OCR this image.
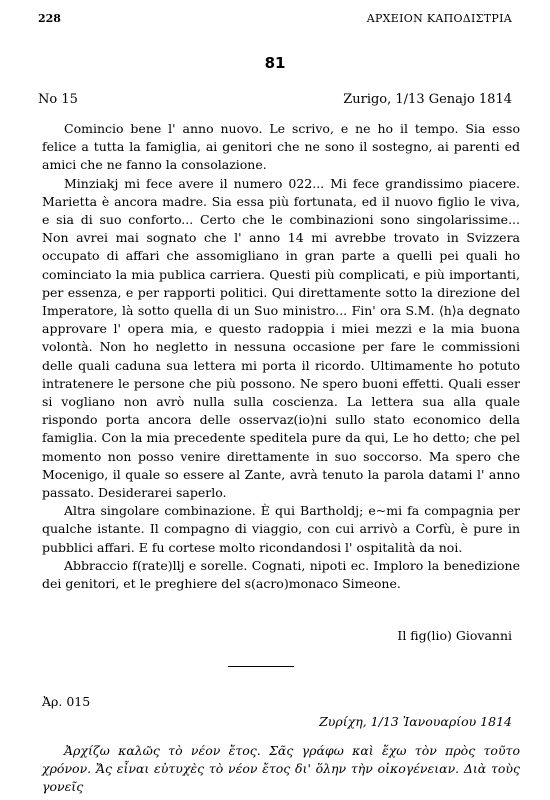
228	ΑΡΧΕΙΟΝ ΚΑΠΟΔΙΣΤΡΙΑ
81
No 15	Zurigo, 1/13 Genajo 1814

Comincio bene l' anno nuovo. Le scrivo, e ne ho il tempo. Sia esso felice a tutta la famiglia, ai genitori che ne sono il sostegno, ai parenti ed amici che ne fanno la consolazione.

Minziakj mi fece avere il numero 022... Mi fece grandissimo piacere. Marietta è ancora madre. Sia essa più fortunata, ed il nuovo figlio le viva, e sia di suo conforto... Certo che le combinazioni sono singolarissime... Non avrei mai sognato che l' anno 14 mi avrebbe trovato in Svizzera occupato di affari che assomigliano in gran parte a quelli pei quali ho cominciato la mia publica carriera. Questi più complicati, e più importanti, per essenza, e per rapporti politici. Qui direttamente sotto la direzione del Imperatore, là sotto quella di un Suo ministro... Fin' ora S.M. ⟨h⟩a degnato approvare l' opera mia, e questo radoppia i miei mezzi e la mia buona volontà. Non ho negletto in nessuna occasione per fare le commissioni delle quali caduna sua lettera mi porta il ricordo. Ultimamente ho potuto intratenere le persone che più possono. Ne spero buoni effetti. Quali esser si vogliano non avrò nulla sulla coscienza. La lettera sua alla quale rispondo porta ancora delle osservaz(io)ni sullo stato economico della famiglia. Con la mia precedente speditela pure da qui, Le ho detto; che pel momento non posso venire direttamente in suo soccorso. Ma spero che Mocenigo, il quale so essere al Zante, avrà tenuto la parola datami l' anno passato. Desiderarei saperlo.

Altra singolare combinazione. È qui Bartholdj; e~mi fa compagnia per qualche istante. Il compagno di viaggio, con cui arrivò a Corfù, è pure in pubblici affari. E fu cortese molto ricondandosi l' ospitalità da noi.

Abbraccio f(rate)llj e sorelle. Cognati, nipoti ec. Imploro la benedizione dei genitori, et le preghiere del s(acro)monaco Simeone.

Il fig(lio) Giovanni
Ἀρ. 015
Ζυρίχη, 1/13 Ἰανουαρίου 1814

Ἀρχίζω καλῶς τὸ νέον ἔτος. Σᾶς γράφω καὶ ἔχω τὸν πρὸς τοῦτο χρόνον. Ἄς εἶναι εὐτυχὲς τὸ νέον ἔτος δι' ὅλην τὴν οἰκογένειαν. Διὰ τοὺς γονεῖς
